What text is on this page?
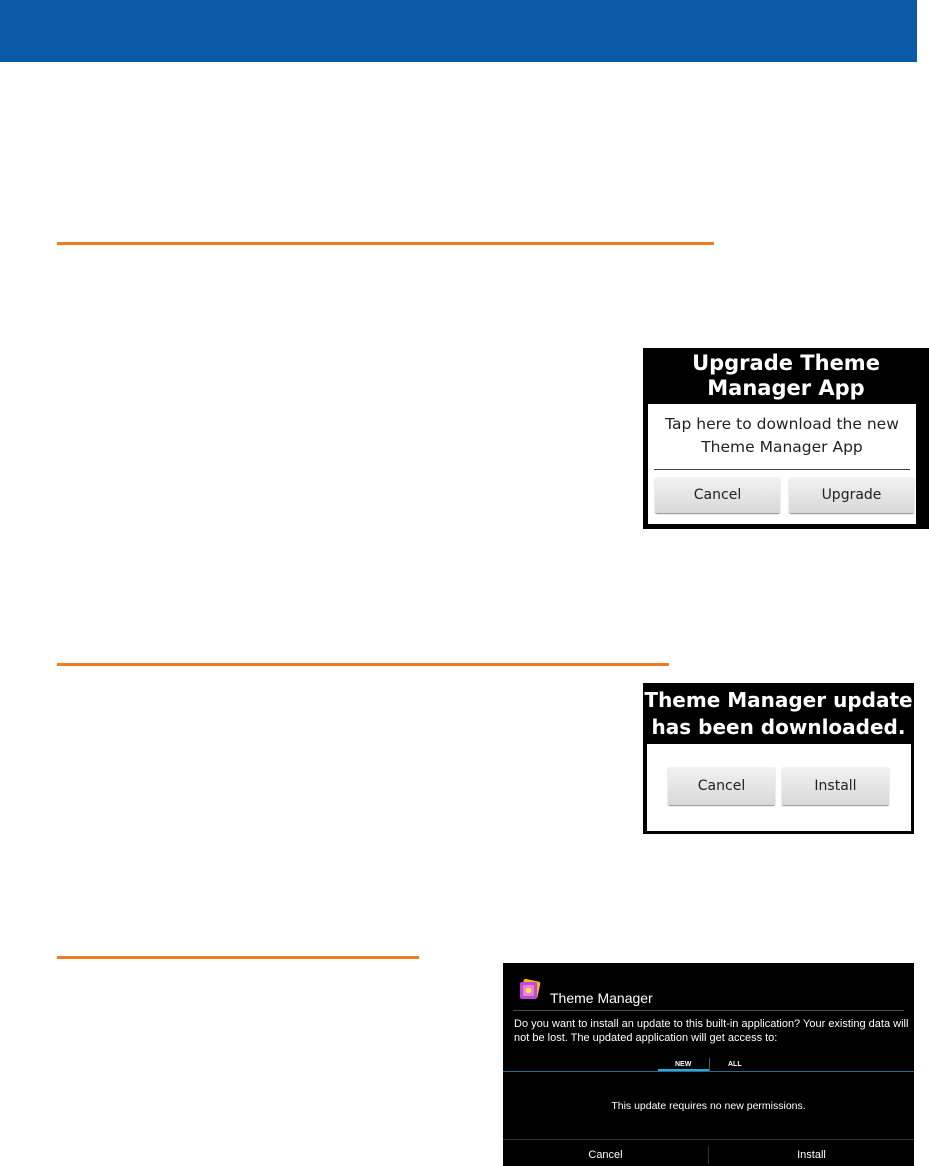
Upgrade Theme Manager App
Tap here to download the new Theme Manager App
Cancel	Upgrade
Theme Manager update has been downloaded.
Cancel	Install
Theme Manager
Do you want to install an update to this built-in application? Your existing data will not be lost. The updated application will get access to:
NEW	ALL
This update requires no new permissions.
Cancel	Install
